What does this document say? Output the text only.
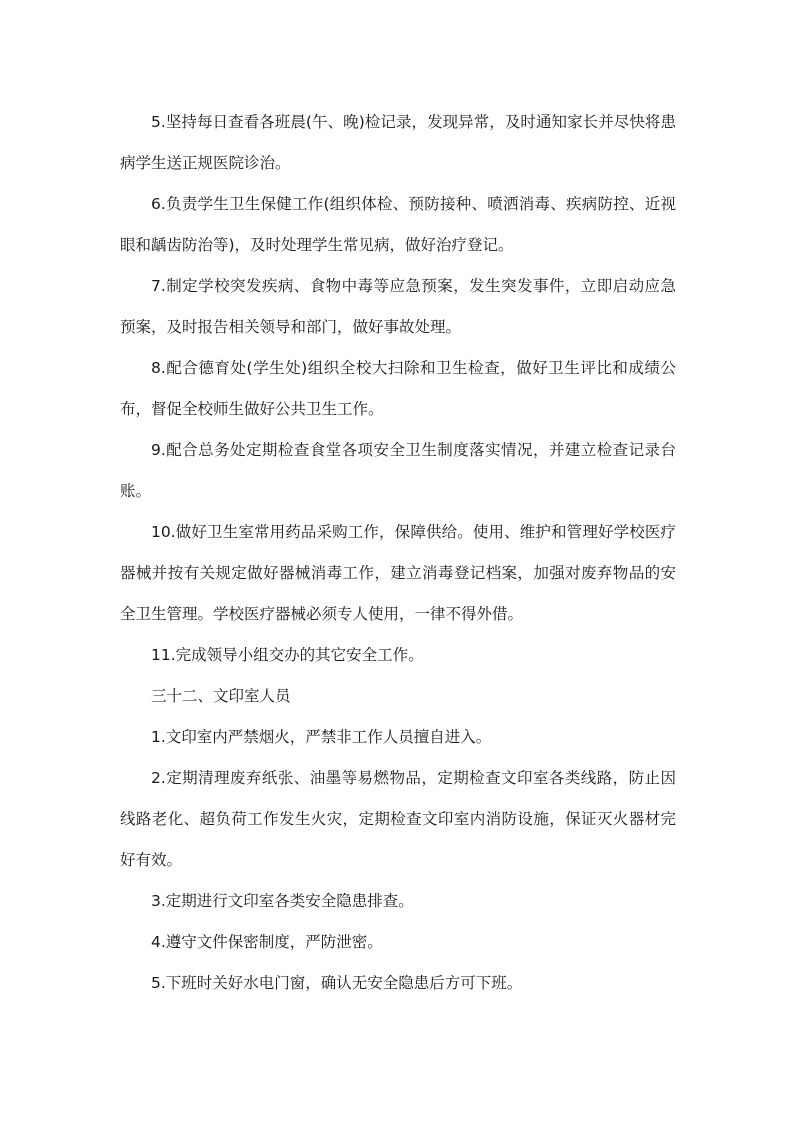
5.坚持每日查看各班晨(午、晚)检记录，发现异常，及时通知家长并尽快将患病学生送正规医院诊治。

6.负责学生卫生保健工作(组织体检、预防接种、喷洒消毒、疾病防控、近视眼和龋齿防治等)，及时处理学生常见病，做好治疗登记。

7.制定学校突发疾病、食物中毒等应急预案，发生突发事件，立即启动应急预案，及时报告相关领导和部门，做好事故处理。

8.配合德育处(学生处)组织全校大扫除和卫生检查，做好卫生评比和成绩公布，督促全校师生做好公共卫生工作。

9.配合总务处定期检查食堂各项安全卫生制度落实情况，并建立检查记录台账。

10.做好卫生室常用药品采购工作，保障供给。使用、维护和管理好学校医疗器械并按有关规定做好器械消毒工作，建立消毒登记档案，加强对废弃物品的安全卫生管理。学校医疗器械必须专人使用，一律不得外借。

11.完成领导小组交办的其它安全工作。

三十二、文印室人员

1.文印室内严禁烟火，严禁非工作人员擅自进入。

2.定期清理废弃纸张、油墨等易燃物品，定期检查文印室各类线路，防止因线路老化、超负荷工作发生火灾，定期检查文印室内消防设施，保证灭火器材完好有效。

3.定期进行文印室各类安全隐患排查。

4.遵守文件保密制度，严防泄密。

5.下班时关好水电门窗，确认无安全隐患后方可下班。
